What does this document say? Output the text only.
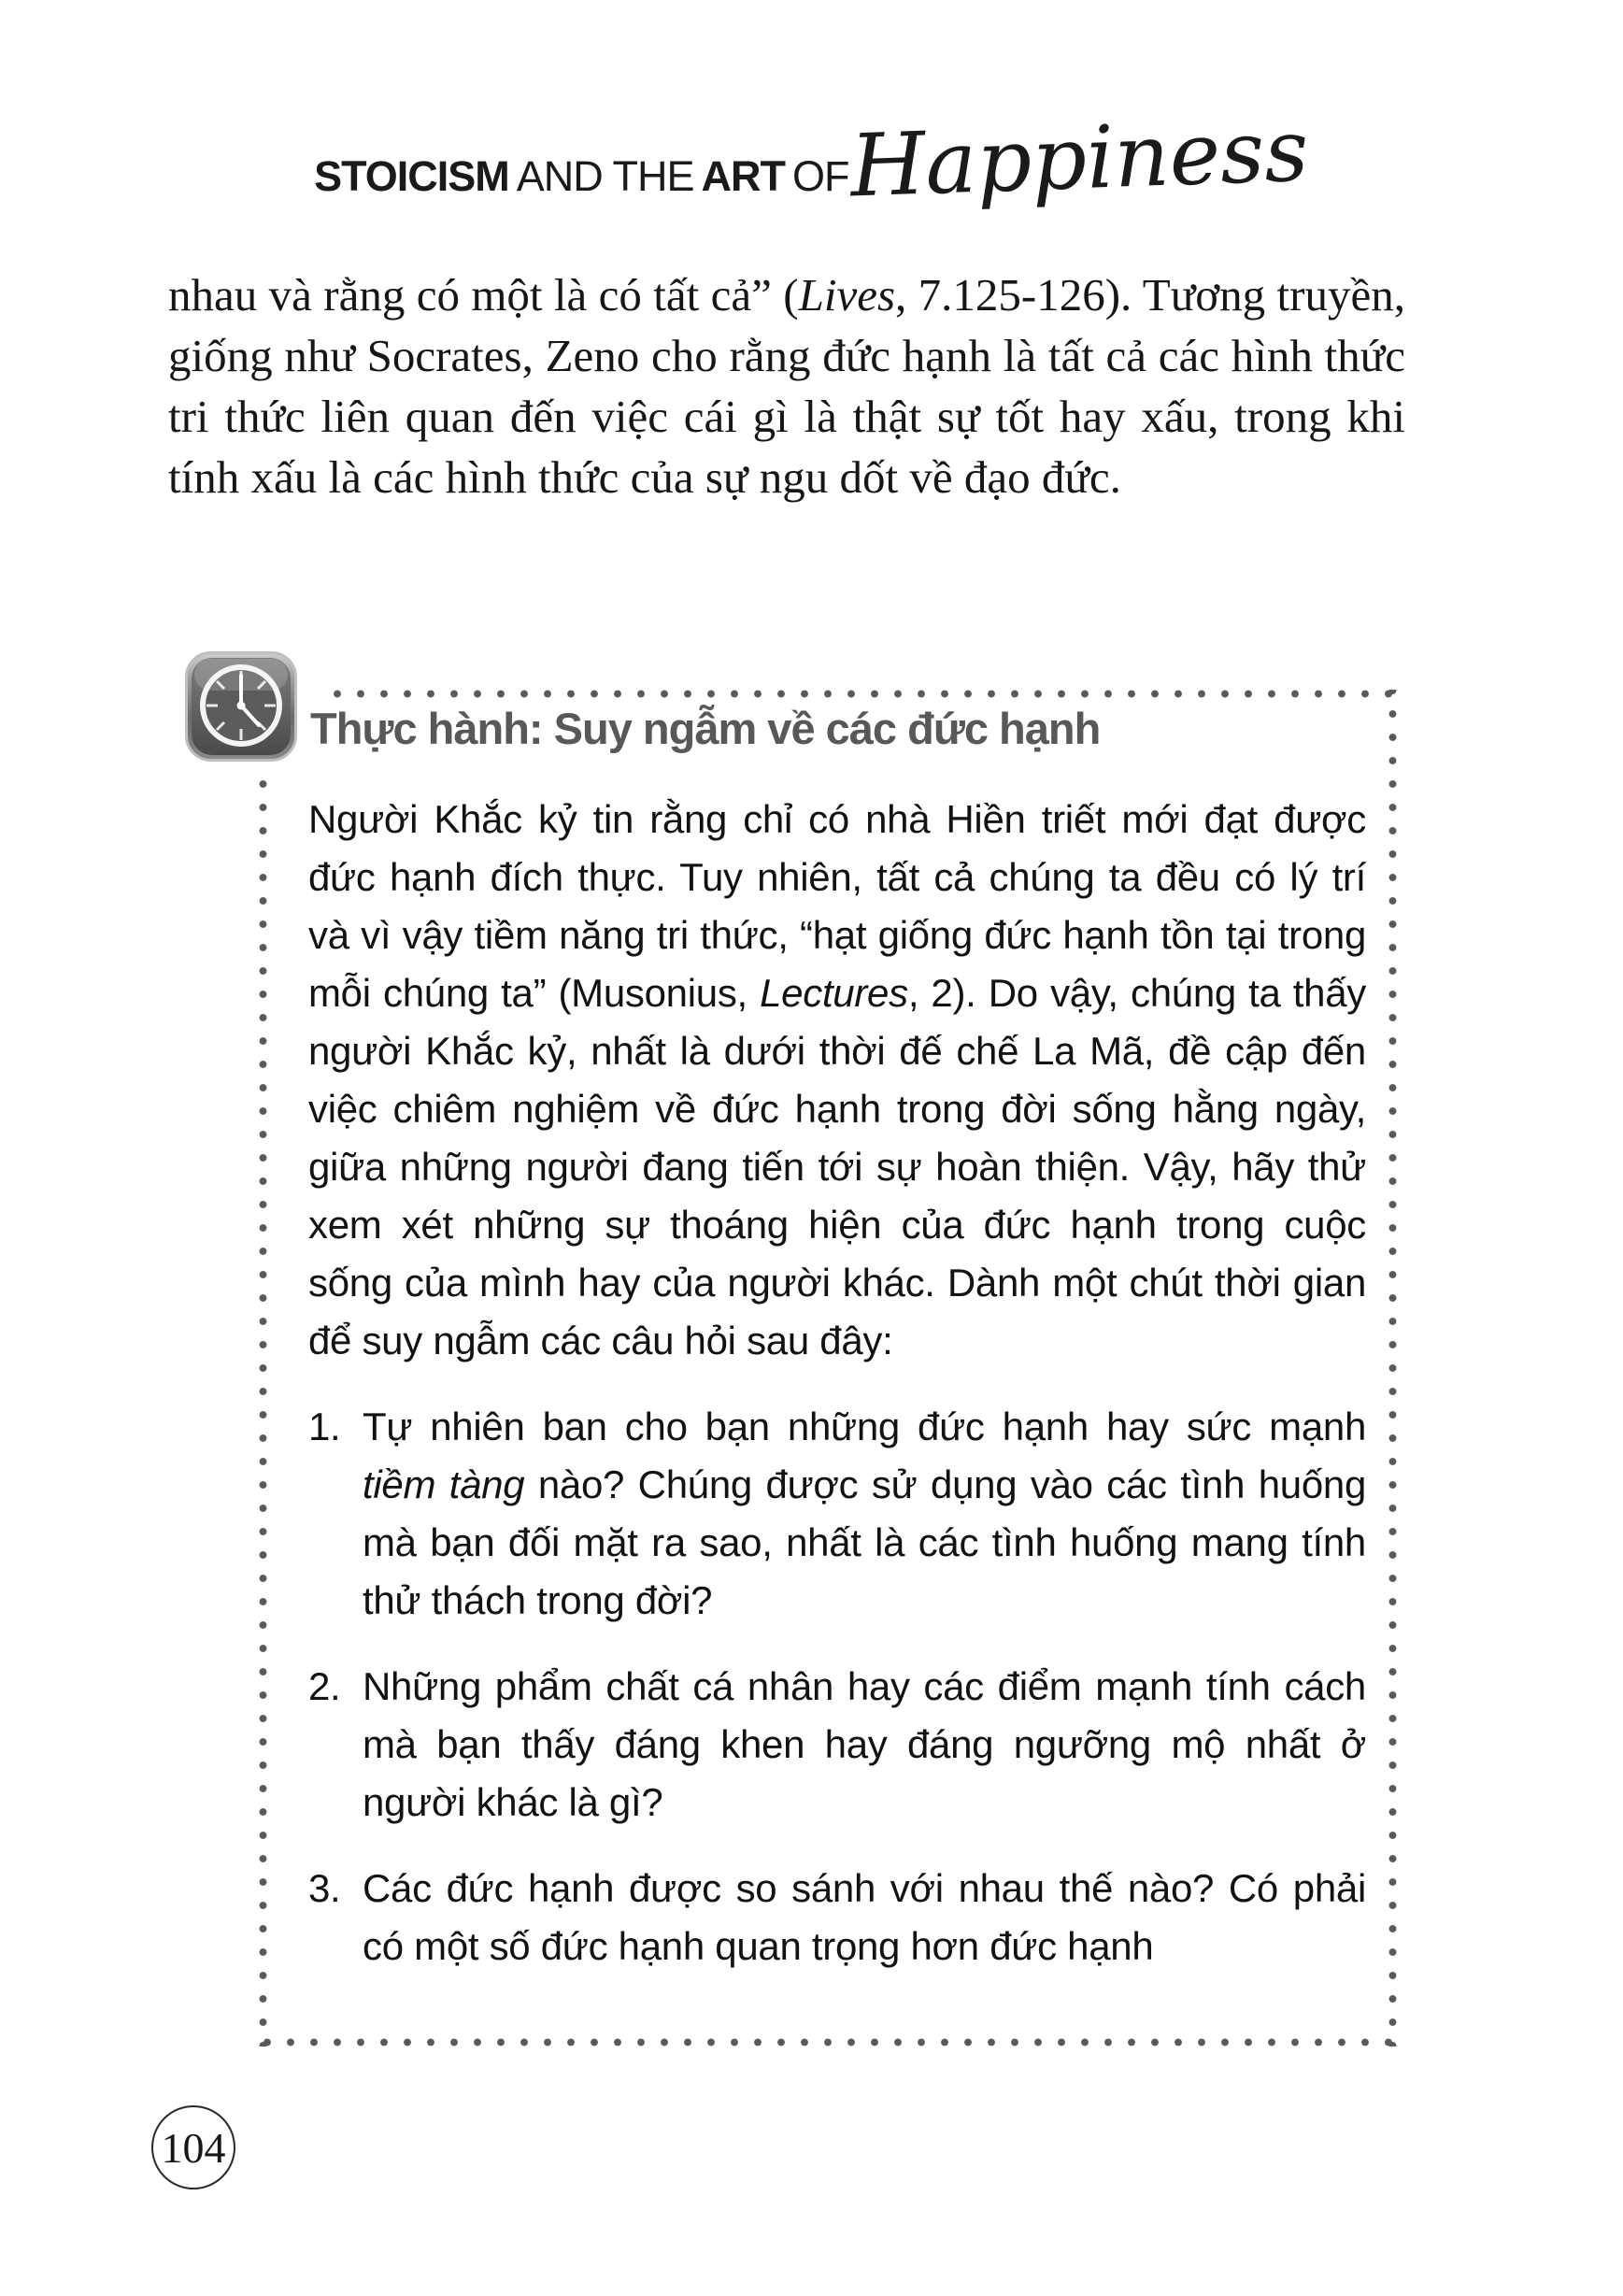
STOICISM AND THE ART OF Happiness
nhau và rằng có một là có tất cả” (Lives, 7.125-126). Tương truyền, giống như Socrates, Zeno cho rằng đức hạnh là tất cả các hình thức tri thức liên quan đến việc cái gì là thật sự tốt hay xấu, trong khi tính xấu là các hình thức của sự ngu dốt về đạo đức.
Thực hành: Suy ngẫm về các đức hạnh

Người Khắc kỷ tin rằng chỉ có nhà Hiền triết mới đạt được đức hạnh đích thực. Tuy nhiên, tất cả chúng ta đều có lý trí và vì vậy tiềm năng tri thức, “hạt giống đức hạnh tồn tại trong mỗi chúng ta” (Musonius, Lectures, 2). Do vậy, chúng ta thấy người Khắc kỷ, nhất là dưới thời đế chế La Mã, đề cập đến việc chiêm nghiệm về đức hạnh trong đời sống hằng ngày, giữa những người đang tiến tới sự hoàn thiện. Vậy, hãy thử xem xét những sự thoáng hiện của đức hạnh trong cuộc sống của mình hay của người khác. Dành một chút thời gian để suy ngẫm các câu hỏi sau đây:

1. Tự nhiên ban cho bạn những đức hạnh hay sức mạnh tiềm tàng nào? Chúng được sử dụng vào các tình huống mà bạn đối mặt ra sao, nhất là các tình huống mang tính thử thách trong đời?
2. Những phẩm chất cá nhân hay các điểm mạnh tính cách mà bạn thấy đáng khen hay đáng ngưỡng mộ nhất ở người khác là gì?
3. Các đức hạnh được so sánh với nhau thế nào? Có phải có một số đức hạnh quan trọng hơn đức hạnh
104
